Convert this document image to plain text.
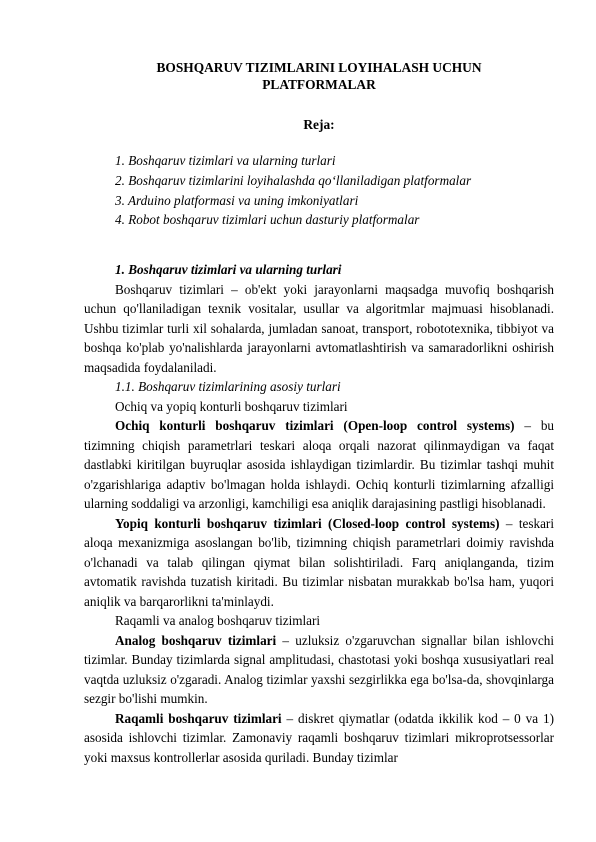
BOSHQARUV TIZIMLARINI LOYIHALASH UCHUN
PLATFORMALAR
Reja:
1. Boshqaruv tizimlari va ularning turlari
2. Boshqaruv tizimlarini loyihalashda qo‘llaniladigan platformalar
3. Arduino platformasi va uning imkoniyatlari
4. Robot boshqaruv tizimlari uchun dasturiy platformalar

1. Boshqaruv tizimlari va ularning turlari

Boshqaruv tizimlari – ob'ekt yoki jarayonlarni maqsadga muvofiq boshqarish uchun qo'llaniladigan texnik vositalar, usullar va algoritmlar majmuasi hisoblanadi. Ushbu tizimlar turli xil sohalarda, jumladan sanoat, transport, robototexnika, tibbiyot va boshqa ko'plab yo'nalishlarda jarayonlarni avtomatlashtirish va samaradorlikni oshirish maqsadida foydalaniladi.

1.1. Boshqaruv tizimlarining asosiy turlari

Ochiq va yopiq konturli boshqaruv tizimlari

Ochiq konturli boshqaruv tizimlari (Open-loop control systems) – bu tizimning chiqish parametrlari teskari aloqa orqali nazorat qilinmaydigan va faqat dastlabki kiritilgan buyruqlar asosida ishlaydigan tizimlardir. Bu tizimlar tashqi muhit o'zgarishlariga adaptiv bo'lmagan holda ishlaydi. Ochiq konturli tizimlarning afzalligi ularning soddaligi va arzonligi, kamchiligi esa aniqlik darajasining pastligi hisoblanadi.

Yopiq konturli boshqaruv tizimlari (Closed-loop control systems) – teskari aloqa mexanizmiga asoslangan bo'lib, tizimning chiqish parametrlari doimiy ravishda o'lchanadi va talab qilingan qiymat bilan solishtiriladi. Farq aniqlanganda, tizim avtomatik ravishda tuzatish kiritadi. Bu tizimlar nisbatan murakkab bo'lsa ham, yuqori aniqlik va barqarorlikni ta'minlaydi.

Raqamli va analog boshqaruv tizimlari

Analog boshqaruv tizimlari – uzluksiz o'zgaruvchan signallar bilan ishlovchi tizimlar. Bunday tizimlarda signal amplitudasi, chastotasi yoki boshqa xususiyatlari real vaqtda uzluksiz o'zgaradi. Analog tizimlar yaxshi sezgirlikka ega bo'lsa-da, shovqinlarga sezgir bo'lishi mumkin.

Raqamli boshqaruv tizimlari – diskret qiymatlar (odatda ikkilik kod – 0 va 1) asosida ishlovchi tizimlar. Zamonaviy raqamli boshqaruv tizimlari mikroprotsessorlar yoki maxsus kontrollerlar asosida quriladi. Bunday tizimlar
